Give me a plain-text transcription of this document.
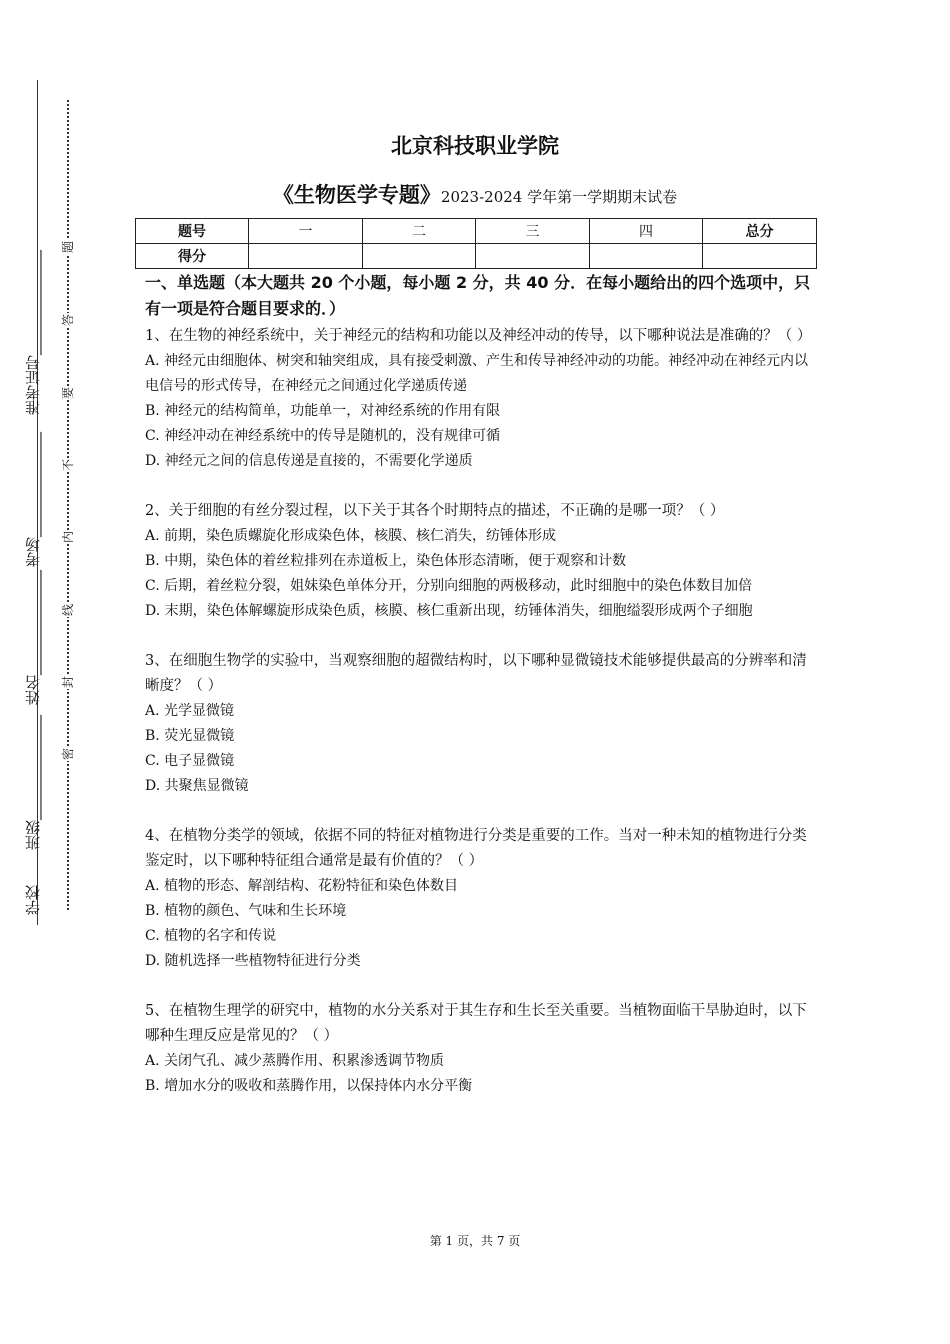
准考证号______________
考场______________
姓名______________
班级______________
学校
题
答
要
不
内
线
封
密
北京科技职业学院
《生物医学专题》2023-2024 学年第一学期期末试卷
题号	一	二	三	四	总分
得分					
一、单选题（本大题共 20 个小题，每小题 2 分，共 40 分．在每小题给出的四个选项中，只有一项是符合题目要求的．）

1、在生物的神经系统中，关于神经元的结构和功能以及神经冲动的传导，以下哪种说法是准确的？（ ）

A. 神经元由细胞体、树突和轴突组成，具有接受刺激、产生和传导神经冲动的功能。神经冲动在神经元内以电信号的形式传导，在神经元之间通过化学递质传递

B. 神经元的结构简单，功能单一，对神经系统的作用有限

C. 神经冲动在神经系统中的传导是随机的，没有规律可循

D. 神经元之间的信息传递是直接的，不需要化学递质

2、关于细胞的有丝分裂过程，以下关于其各个时期特点的描述，不正确的是哪一项？（ ）

A. 前期，染色质螺旋化形成染色体，核膜、核仁消失，纺锤体形成

B. 中期，染色体的着丝粒排列在赤道板上，染色体形态清晰，便于观察和计数

C. 后期，着丝粒分裂，姐妹染色单体分开，分别向细胞的两极移动，此时细胞中的染色体数目加倍

D. 末期，染色体解螺旋形成染色质，核膜、核仁重新出现，纺锤体消失，细胞缢裂形成两个子细胞

3、在细胞生物学的实验中，当观察细胞的超微结构时，以下哪种显微镜技术能够提供最高的分辨率和清晰度？（ ）

A. 光学显微镜

B. 荧光显微镜

C. 电子显微镜

D. 共聚焦显微镜

4、在植物分类学的领域，依据不同的特征对植物进行分类是重要的工作。当对一种未知的植物进行分类鉴定时，以下哪种特征组合通常是最有价值的？（ ）

A. 植物的形态、解剖结构、花粉特征和染色体数目

B. 植物的颜色、气味和生长环境

C. 植物的名字和传说

D. 随机选择一些植物特征进行分类

5、在植物生理学的研究中，植物的水分关系对于其生存和生长至关重要。当植物面临干旱胁迫时，以下哪种生理反应是常见的？（ ）

A. 关闭气孔、减少蒸腾作用、积累渗透调节物质

B. 增加水分的吸收和蒸腾作用，以保持体内水分平衡

第 1 页，共 7 页
